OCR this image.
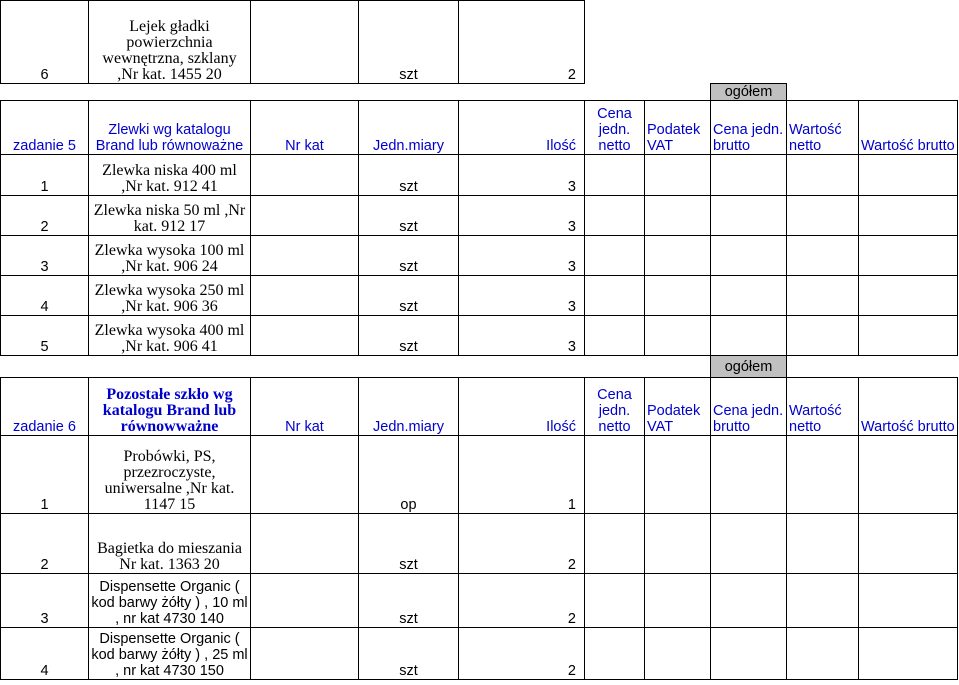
6	Lejek gładki powierzchnia wewnętrzna, szklany ,Nr kat. 1455 20		szt	2					
							ogółem		
zadanie 5	Zlewki wg katalogu Brand lub równoważne	Nr kat	Jedn.miary	Ilość	Cena jedn. netto	Podatek VAT	Cena jedn. brutto	Wartość netto	Wartość brutto
1	Zlewka niska 400 ml ,Nr kat. 912 41		szt	3					
2	Zlewka niska 50 ml ,Nr kat. 912 17		szt	3					
3	Zlewka wysoka 100 ml ,Nr kat. 906 24		szt	3					
4	Zlewka wysoka 250 ml ,Nr kat. 906 36		szt	3					
5	Zlewka wysoka 400 ml ,Nr kat. 906 41		szt	3					
							ogółem		
zadanie 6	Pozostałe szkło wg katalogu Brand lub równowważne	Nr kat	Jedn.miary	Ilość	Cena jedn. netto	Podatek VAT	Cena jedn. brutto	Wartość netto	Wartość brutto
1	Probówki, PS, przezroczyste, uniwersalne ,Nr kat. 1147 15		op	1					
2	Bagietka do mieszania Nr kat. 1363 20		szt	2					
3	Dispensette Organic ( kod barwy żółty ) , 10 ml , nr kat 4730 140		szt	2					
4	Dispensette Organic ( kod barwy żółty ) , 25 ml , nr kat 4730 150		szt	2					
